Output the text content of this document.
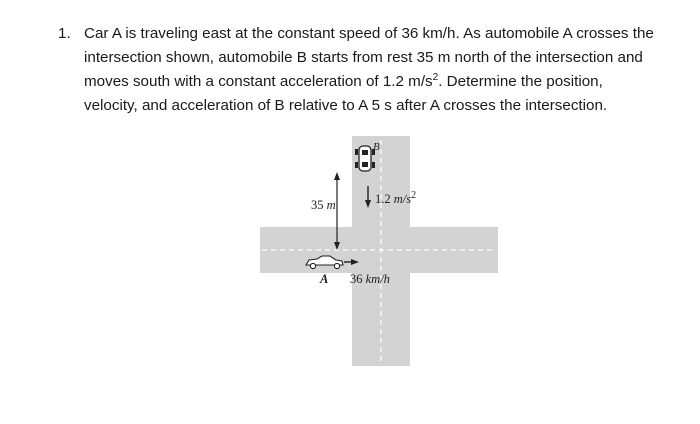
1. Car A is traveling east at the constant speed of 36 km/h. As automobile A crosses the
intersection shown, automobile B starts from rest 35 m north of the intersection and
moves south with a constant acceleration of 1.2 $m/s^2$. Determine the position,
velocity, and acceleration of B relative to A 5 s after A crosses the intersection.
B
35 m	1.2 $m/s^2$
A 36 km/h
